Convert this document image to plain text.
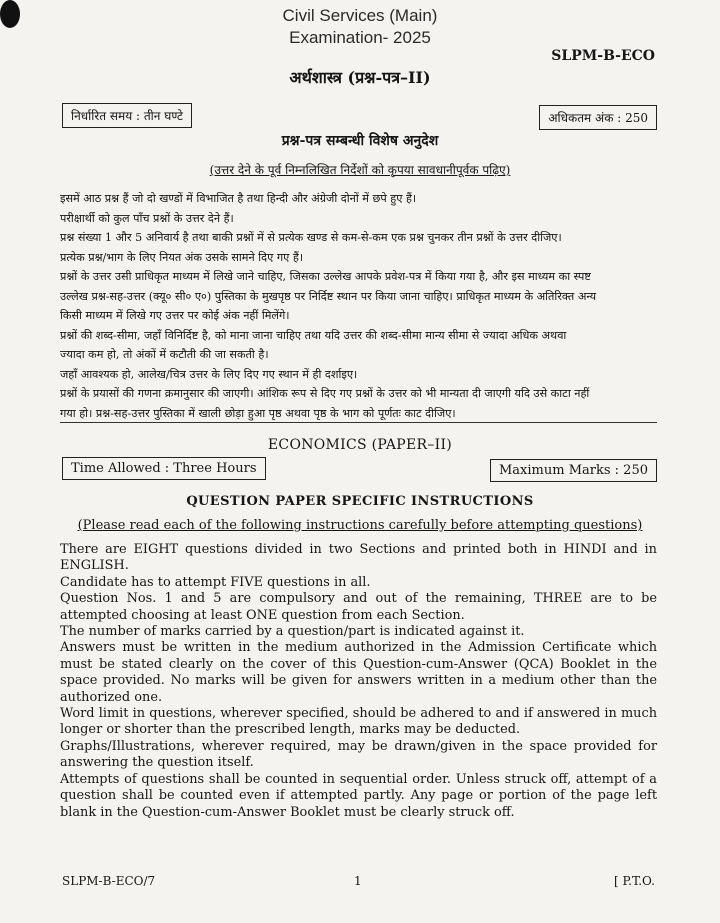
Civil Services (Main)
Examination- 2025
SLPM-B-ECO
अर्थशास्त्र (प्रश्न-पत्र–II)
निर्धारित समय : तीन घण्टे	अधिकतम अंक : 250
प्रश्न-पत्र सम्बन्धी विशेष अनुदेश
(उत्तर देने के पूर्व निम्नलिखित निर्देशों को कृपया सावधानीपूर्वक पढ़िए)

इसमें आठ प्रश्न हैं जो दो खण्डों में विभाजित है तथा हिन्दी और अंग्रेजी दोनों में छपे हुए हैं।

परीक्षार्थी को कुल पाँच प्रश्नों के उत्तर देने हैं।

प्रश्न संख्या 1 और 5 अनिवार्य है तथा बाकी प्रश्नों में से प्रत्येक खण्ड से कम-से-कम एक प्रश्न चुनकर तीन प्रश्नों के उत्तर दीजिए।

प्रत्येक प्रश्न/भाग के लिए नियत अंक उसके सामने दिए गए हैं।

प्रश्नों के उत्तर उसी प्राधिकृत माध्यम में लिखे जाने चाहिए, जिसका उल्लेख आपके प्रवेश-पत्र में किया गया है, और इस माध्यम का स्पष्ट

उल्लेख प्रश्न-सह-उत्तर (क्यू० सी० ए०) पुस्तिका के मुखपृष्ठ पर निर्दिष्ट स्थान पर किया जाना चाहिए। प्राधिकृत माध्यम के अतिरिक्त अन्य

किसी माध्यम में लिखे गए उत्तर पर कोई अंक नहीं मिलेंगे।

प्रश्नों की शब्द-सीमा, जहाँ विनिर्दिष्ट है, को माना जाना चाहिए तथा यदि उत्तर की शब्द-सीमा मान्य सीमा से ज्यादा अधिक अथवा

ज्यादा कम हो, तो अंकों में कटौती की जा सकती है।

जहाँ आवश्यक हो, आलेख/चित्र उत्तर के लिए दिए गए स्थान में ही दर्शाइए।

प्रश्नों के प्रयासों की गणना क्रमानुसार की जाएगी। आंशिक रूप से दिए गए प्रश्नों के उत्तर को भी मान्यता दी जाएगी यदि उसे काटा नहीं

गया हो। प्रश्न-सह-उत्तर पुस्तिका में खाली छोड़ा हुआ पृष्ठ अथवा पृष्ठ के भाग को पूर्णतः काट दीजिए।

ECONOMICS (PAPER–II)
Time Allowed : Three Hours	Maximum Marks : 250
QUESTION PAPER SPECIFIC INSTRUCTIONS
(Please read each of the following instructions carefully before attempting questions)

There are EIGHT questions divided in two Sections and printed both in HINDI and in ENGLISH.

Candidate has to attempt FIVE questions in all.

Question Nos. 1 and 5 are compulsory and out of the remaining, THREE are to be attempted choosing at least ONE question from each Section.

The number of marks carried by a question/part is indicated against it.

Answers must be written in the medium authorized in the Admission Certificate which must be stated clearly on the cover of this Question-cum-Answer (QCA) Booklet in the space provided. No marks will be given for answers written in a medium other than the authorized one.

Word limit in questions, wherever specified, should be adhered to and if answered in much longer or shorter than the prescribed length, marks may be deducted.

Graphs/Illustrations, wherever required, may be drawn/given in the space provided for answering the question itself.

Attempts of questions shall be counted in sequential order. Unless struck off, attempt of a question shall be counted even if attempted partly. Any page or portion of the page left blank in the Question-cum-Answer Booklet must be clearly struck off.

SLPM-B-ECO/7	1	[ P.T.O.
